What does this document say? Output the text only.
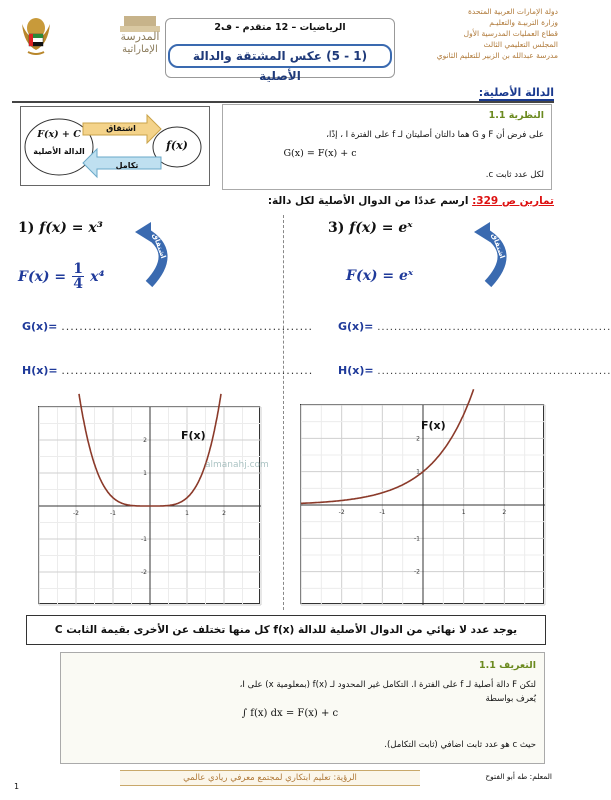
دولة الإمارات العربية المتحدة
وزارة التربيـة والتعليـم
قطاع العمليات المدرسية الأول
المجلس التعليمي الثالث
مدرسة عبدالله بن الزبير للتعليم الثانوي
المدرسة
الإماراتية
الرياضيات – 12 متقدم - ف2
(1 - 5) عكس المشتقة والدالة الأصلية
الدالة الأصلية:
النظرية 1.1
على فرض أن F و G هما دالتان أصليتان لـ f على الفترة I ، إذًا،
G(x) = F(x) + c
لكل عدد ثابت c.
F(x) + C
الدالة الأصلية	f(x)
اشتقاق
تكامل
تمارين ص 329: ارسم عددًا من الدوال الأصلية لكل دالة:
1) f(x) = x³
اشتقاق
F(x) = 1
4 x⁴
G(x)= ........................................................
H(x)= ........................................................
-2	-1	1	2
-2
-1
1
2	F(x)
3) f(x) = eˣ
اشتقاق
F(x) = eˣ
G(x)= ........................................................
H(x)= ........................................................
-2	-1	1	2
-2
-1
1
2
F(x)
almanahj.com
يوجد عدد لا نهائي من الدوال الأصلية للدالة f(x) كل منها تختلف عن الأخرى بقيمة الثابت C
التعريف 1.1
لتكن F دالة أصلية لـ f على الفترة I. التكامل غير المحدود لـ f(x) (بمعلومية x) على I،
يُعرف بواسطة
∫ f(x) dx = F(x) + c
حيث c هو عدد ثابت اضافي (ثابت التكامل).
الرؤية: تعليم ابتكاري لمجتمع معرفي ريادي عالمي	المعلم: طه أبو الفتوح
1
